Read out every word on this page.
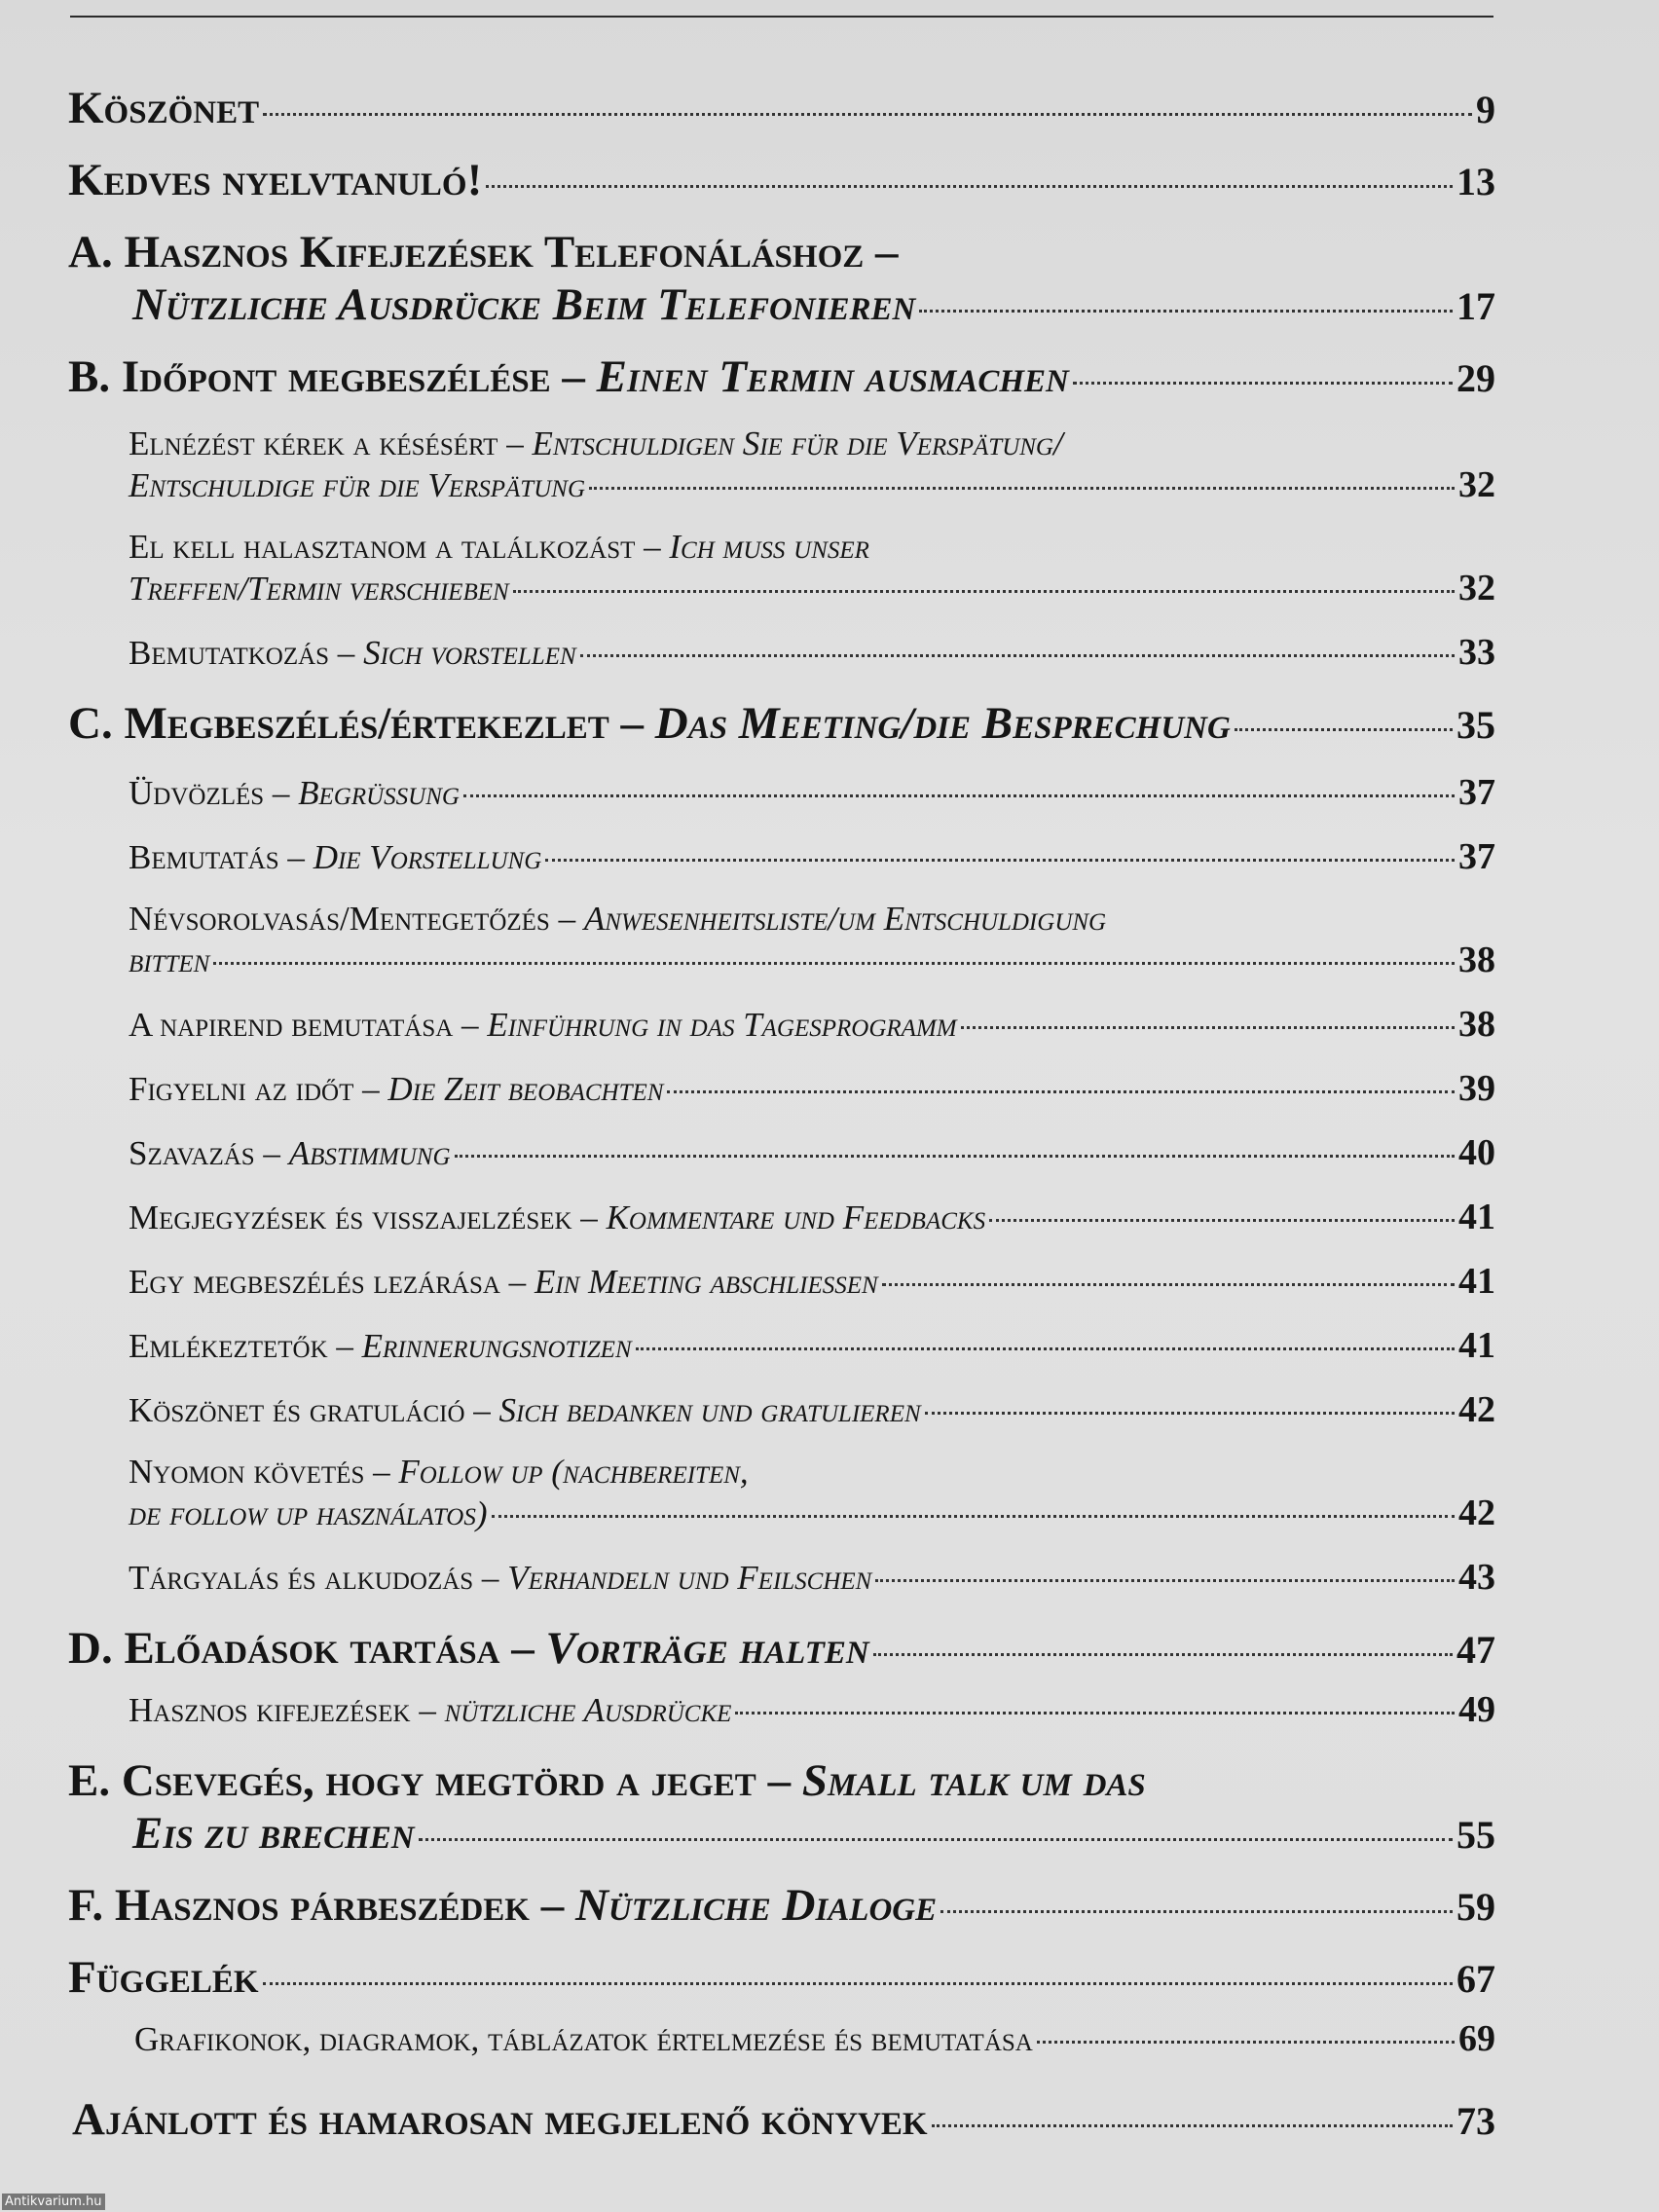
Köszönet	9
Kedves nyelvtanuló!	13
A. Hasznos Kifejezések Telefonáláshoz –
Nützliche Ausdrücke Beim Telefonieren	17
B. Időpont megbeszélése – Einen Termin ausmachen	29
Elnézést kérek a késésért – Entschuldigen Sie für die Verspätung/
Entschuldige für die Verspätung	32
El kell halasztanom a találkozást – Ich muss unser
Treffen/Termin verschieben	32
Bemutatkozás – Sich vorstellen	33
C. Megbeszélés/értekezlet – Das Meeting/die Besprechung	35
Üdvözlés – Begrüssung	37
Bemutatás – Die Vorstellung	37
Névsorolvasás/Mentegetőzés – Anwesenheitsliste/um Entschuldigung
bitten	38
A napirend bemutatása – Einführung in das Tagesprogramm	38
Figyelni az időt – Die Zeit beobachten	39
Szavazás – Abstimmung	40
Megjegyzések és visszajelzések – Kommentare und Feedbacks	41
Egy megbeszélés lezárása – Ein Meeting abschliessen	41
Emlékeztetők – Erinnerungsnotizen	41
Köszönet és gratuláció – Sich bedanken und gratulieren	42
Nyomon követés – Follow up (nachbereiten,
de follow up használatos)	42
Tárgyalás és alkudozás – Verhandeln und Feilschen	43
D. Előadások tartása – Vorträge halten	47
Hasznos kifejezések – nützliche Ausdrücke	49
E. Csevegés, hogy megtörd a jeget – Small talk um das
Eis zu brechen	55
F. Hasznos párbeszédek – Nützliche Dialoge	59
Függelék	67
Grafikonok, diagramok, táblázatok értelmezése és bemutatása	69
Ajánlott és hamarosan megjelenő könyvek	73
Antikvarium.hu
